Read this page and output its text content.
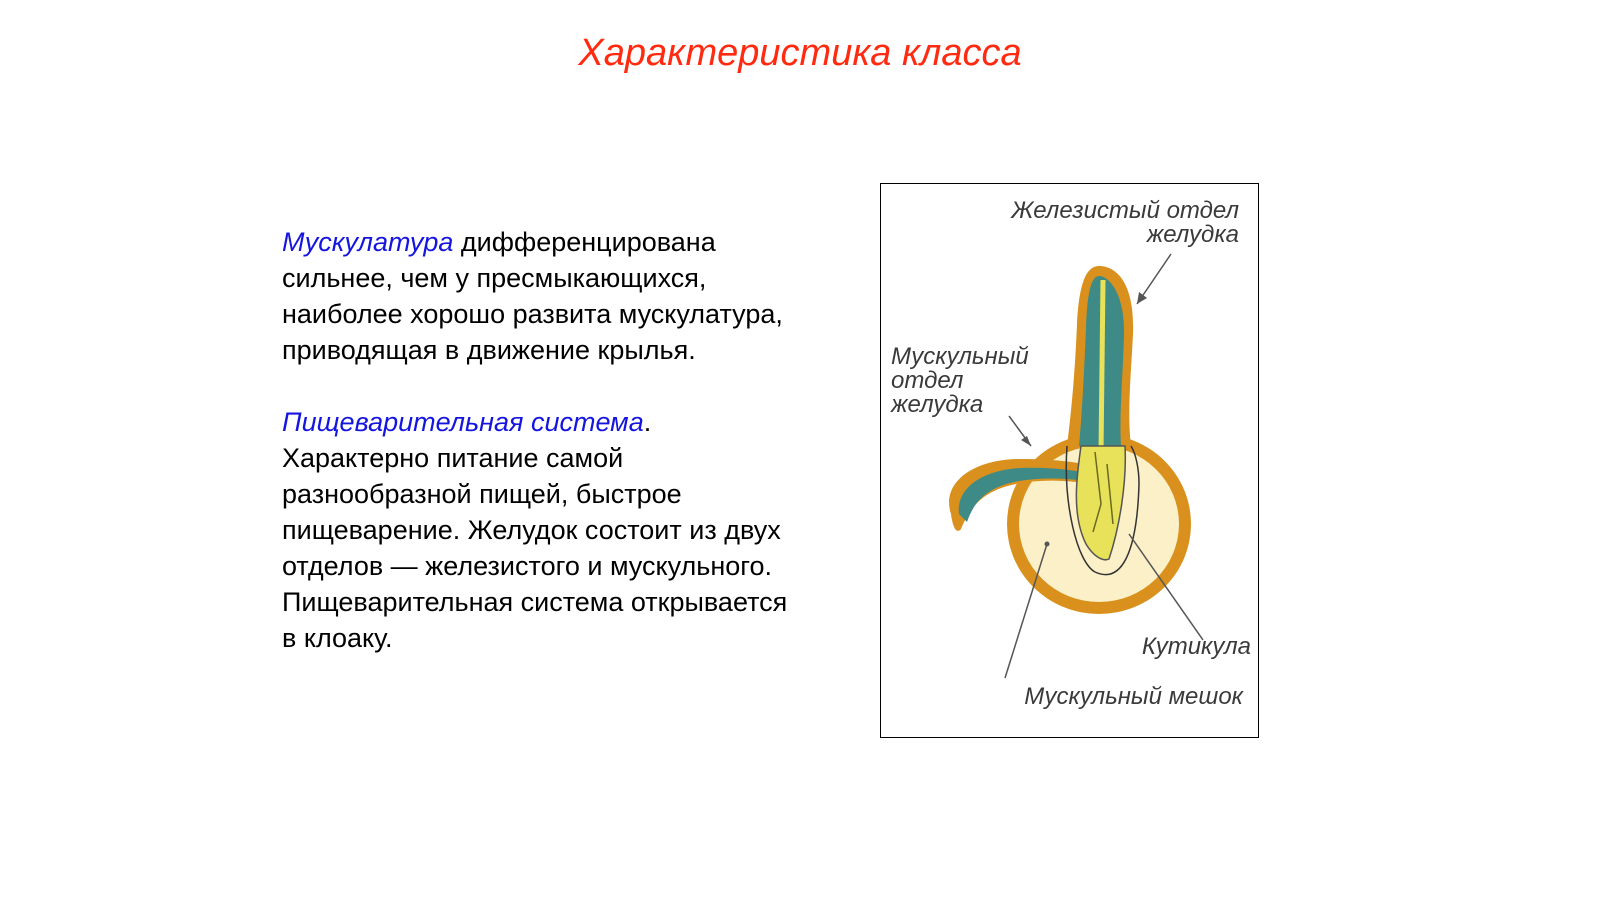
Характеристика класса

Мускулатура дифференцирована сильнее, чем у пресмыкающихся, наиболее хорошо развита мускулатура, приводящая в движение крылья.

Пищеварительная система. Характерно питание самой разнообразной пищей, быстрое пищеварение. Желудок состоит из двух отделов — железистого и мускульного. Пищеварительная система открывается в клоаку.

Железистый отдел
желудка
Мускульный
отдел
желудка
Кутикула
Мускульный мешок
